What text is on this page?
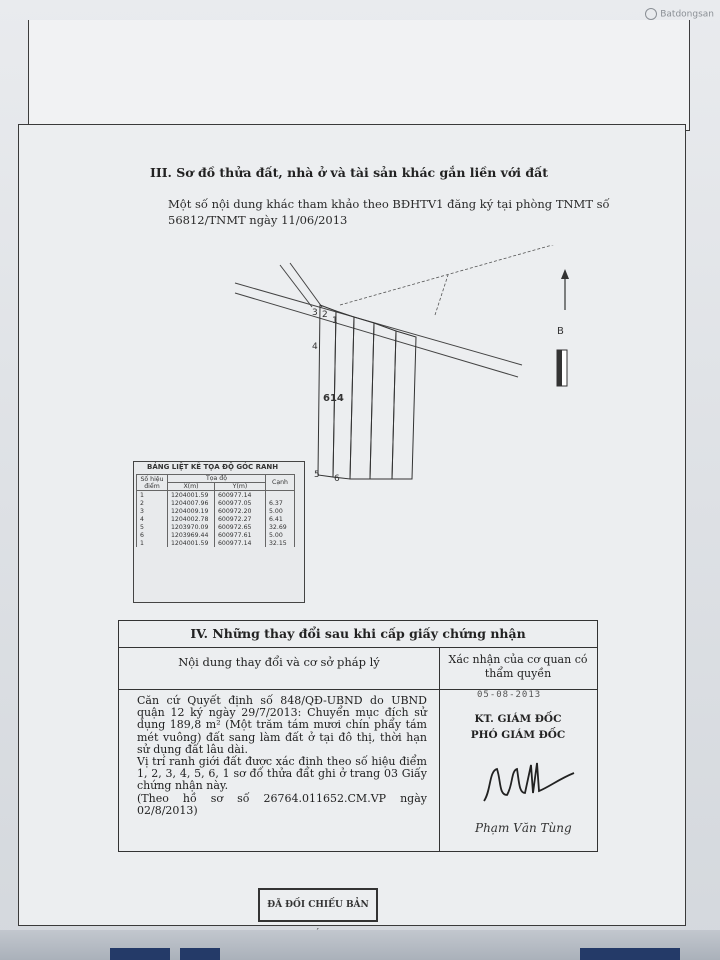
Batdongsan
III. Sơ đồ thửa đất, nhà ở và tài sản khác gắn liền với đất
Một số nội dung khác tham khảo theo BĐHTV1 đăng ký tại phòng TNMT số
56812/TNMT ngày 11/06/2013
614
1
2
3
4
5 6
B
BẢNG LIỆT KÊ TỌA ĐỘ GÓC RANH
Số hiệu điểm	Tọa độ		Cạnh
	X(m)	Y(m)	
1	1204001.59	600977.14	
2	1204007.96	600977.05	6.37
3	1204009.19	600972.20	5.00
4	1204002.78	600972.27	6.41
5	1203970.09	600972.65	32.69
6	1203969.44	600977.61	5.00
1	1204001.59	600977.14	32.15
IV. Những thay đổi sau khi cấp giấy chứng nhận
Nội dung thay đổi và cơ sở pháp lý	Xác nhận của cơ quan có thẩm quyền

Căn cứ Quyết định số 848/QĐ-UBND do UBND quận 12 ký ngày 29/7/2013: Chuyển mục đích sử dụng 189,8 m² (Một trăm tám mươi chín phẩy tám mét vuông) đất sang làm đất ở tại đô thị, thời hạn sử dụng đất lâu dài.

Vị trí ranh giới đất được xác định theo số hiệu điểm 1, 2, 3, 4, 5, 6, 1 sơ đồ thửa đất ghi ở trang 03 Giấy chứng nhận này.

(Theo hồ sơ số 26764.011652.CM.VP ngày 02/8/2013)

05-08-2013
KT. GIÁM ĐỐC
PHÓ GIÁM ĐỐC
Phạm Văn Tùng
ĐÃ ĐỐI CHIẾU BẢN
